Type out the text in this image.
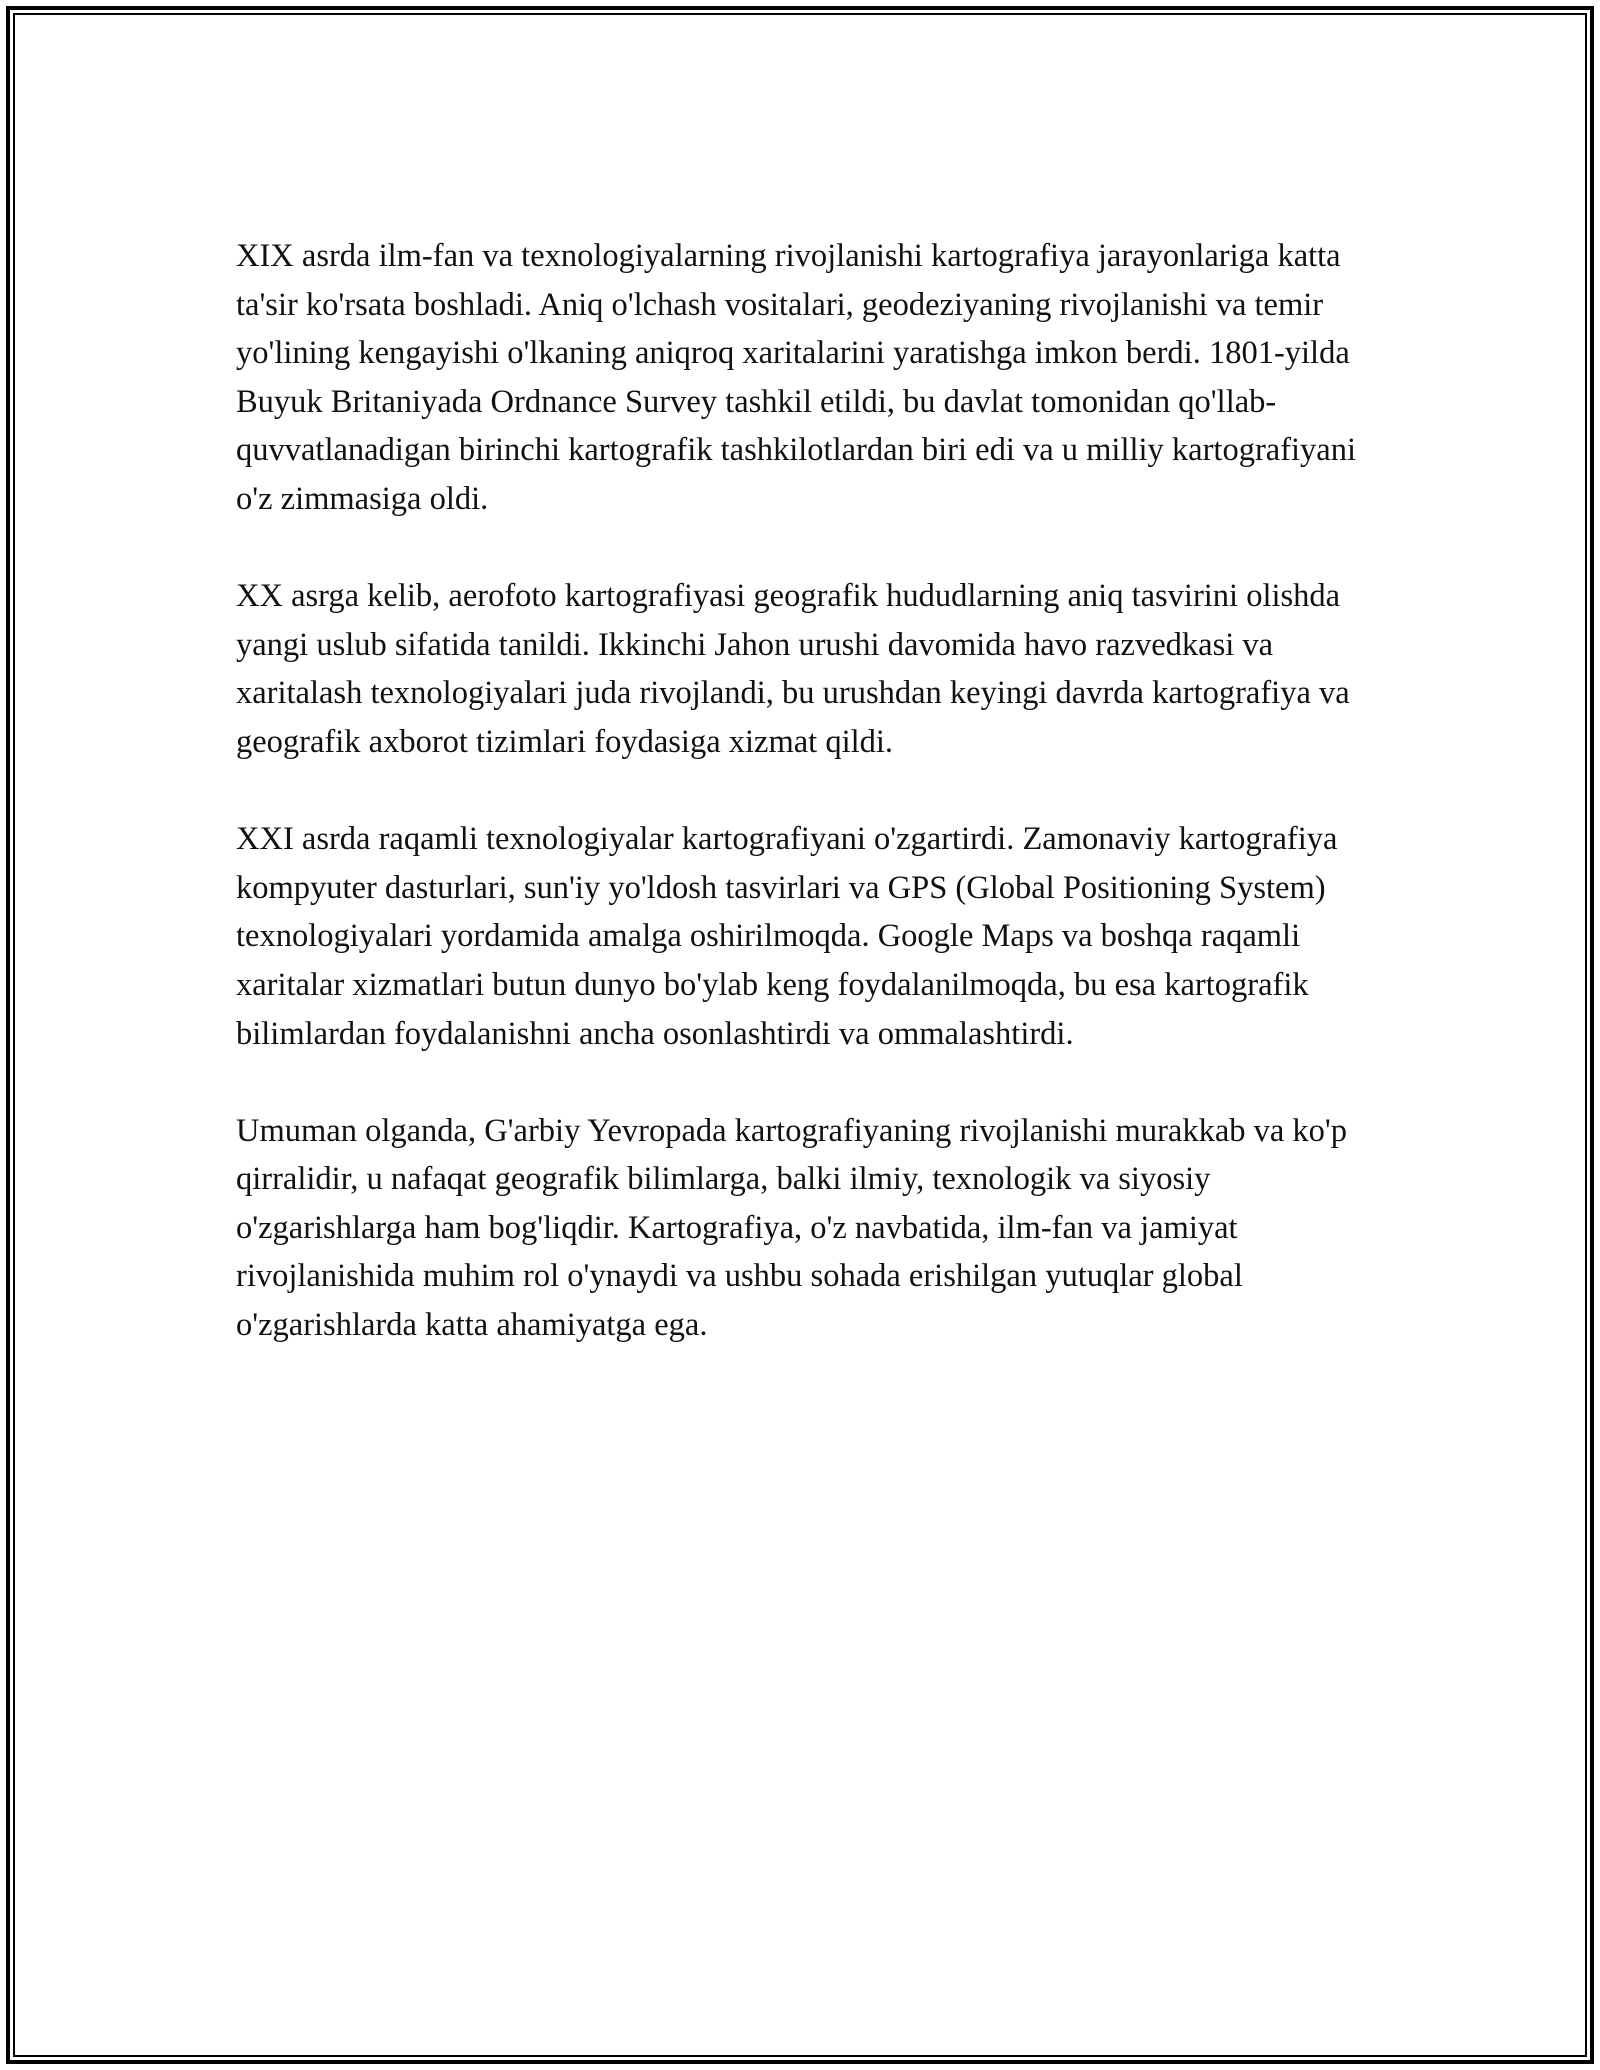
XIX asrda ilm-fan va texnologiyalarning rivojlanishi kartografiya jarayonlariga katta ta'sir ko'rsata boshladi. Aniq o'lchash vositalari, geodeziyaning rivojlanishi va temir yo'lining kengayishi o'lkaning aniqroq xaritalarini yaratishga imkon berdi. 1801-yilda Buyuk Britaniyada Ordnance Survey tashkil etildi, bu davlat tomonidan qo'llab-quvvatlanadigan birinchi kartografik tashkilotlardan biri edi va u milliy kartografiyani o'z zimmasiga oldi.

XX asrga kelib, aerofoto kartografiyasi geografik hududlarning aniq tasvirini olishda yangi uslub sifatida tanildi. Ikkinchi Jahon urushi davomida havo razvedkasi va xaritalash texnologiyalari juda rivojlandi, bu urushdan keyingi davrda kartografiya va geografik axborot tizimlari foydasiga xizmat qildi.

XXI asrda raqamli texnologiyalar kartografiyani o'zgartirdi. Zamonaviy kartografiya kompyuter dasturlari, sun'iy yo'ldosh tasvirlari va GPS (Global Positioning System) texnologiyalari yordamida amalga oshirilmoqda. Google Maps va boshqa raqamli xaritalar xizmatlari butun dunyo bo'ylab keng foydalanilmoqda, bu esa kartografik bilimlardan foydalanishni ancha osonlashtirdi va ommalashtirdi.

Umuman olganda, G'arbiy Yevropada kartografiyaning rivojlanishi murakkab va ko'p qirralidir, u nafaqat geografik bilimlarga, balki ilmiy, texnologik va siyosiy o'zgarishlarga ham bog'liqdir. Kartografiya, o'z navbatida, ilm-fan va jamiyat rivojlanishida muhim rol o'ynaydi va ushbu sohada erishilgan yutuqlar global o'zgarishlarda katta ahamiyatga ega.
